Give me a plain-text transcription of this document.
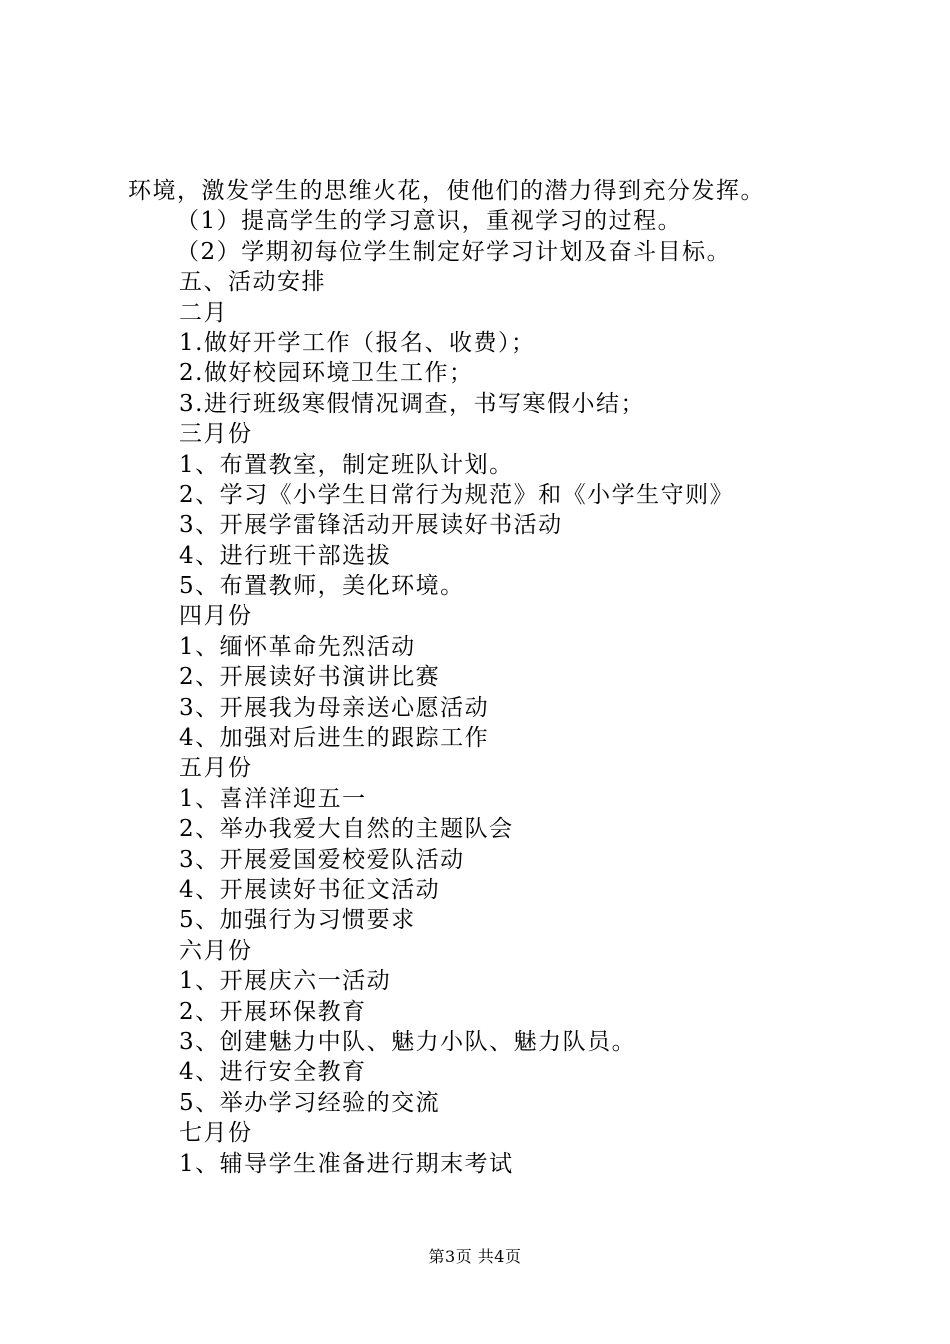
环境，激发学生的思维火花，使他们的潜力得到充分发挥。
（1）提高学生的学习意识，重视学习的过程。
（2）学期初每位学生制定好学习计划及奋斗目标。
五、活动安排
二月
1.做好开学工作（报名、收费）；
2.做好校园环境卫生工作；
3.进行班级寒假情况调查，书写寒假小结；
三月份
1、布置教室，制定班队计划。
2、学习《小学生日常行为规范》和《小学生守则》
3、开展学雷锋活动开展读好书活动
4、进行班干部选拔
5、布置教师，美化环境。
四月份
1、缅怀革命先烈活动
2、开展读好书演讲比赛
3、开展我为母亲送心愿活动
4、加强对后进生的跟踪工作
五月份
1、喜洋洋迎五一
2、举办我爱大自然的主题队会
3、开展爱国爱校爱队活动
4、开展读好书征文活动
5、加强行为习惯要求
六月份
1、开展庆六一活动
2、开展环保教育
3、创建魅力中队、魅力小队、魅力队员。
4、进行安全教育
5、举办学习经验的交流
七月份
1、辅导学生准备进行期末考试
第3页 共4页
